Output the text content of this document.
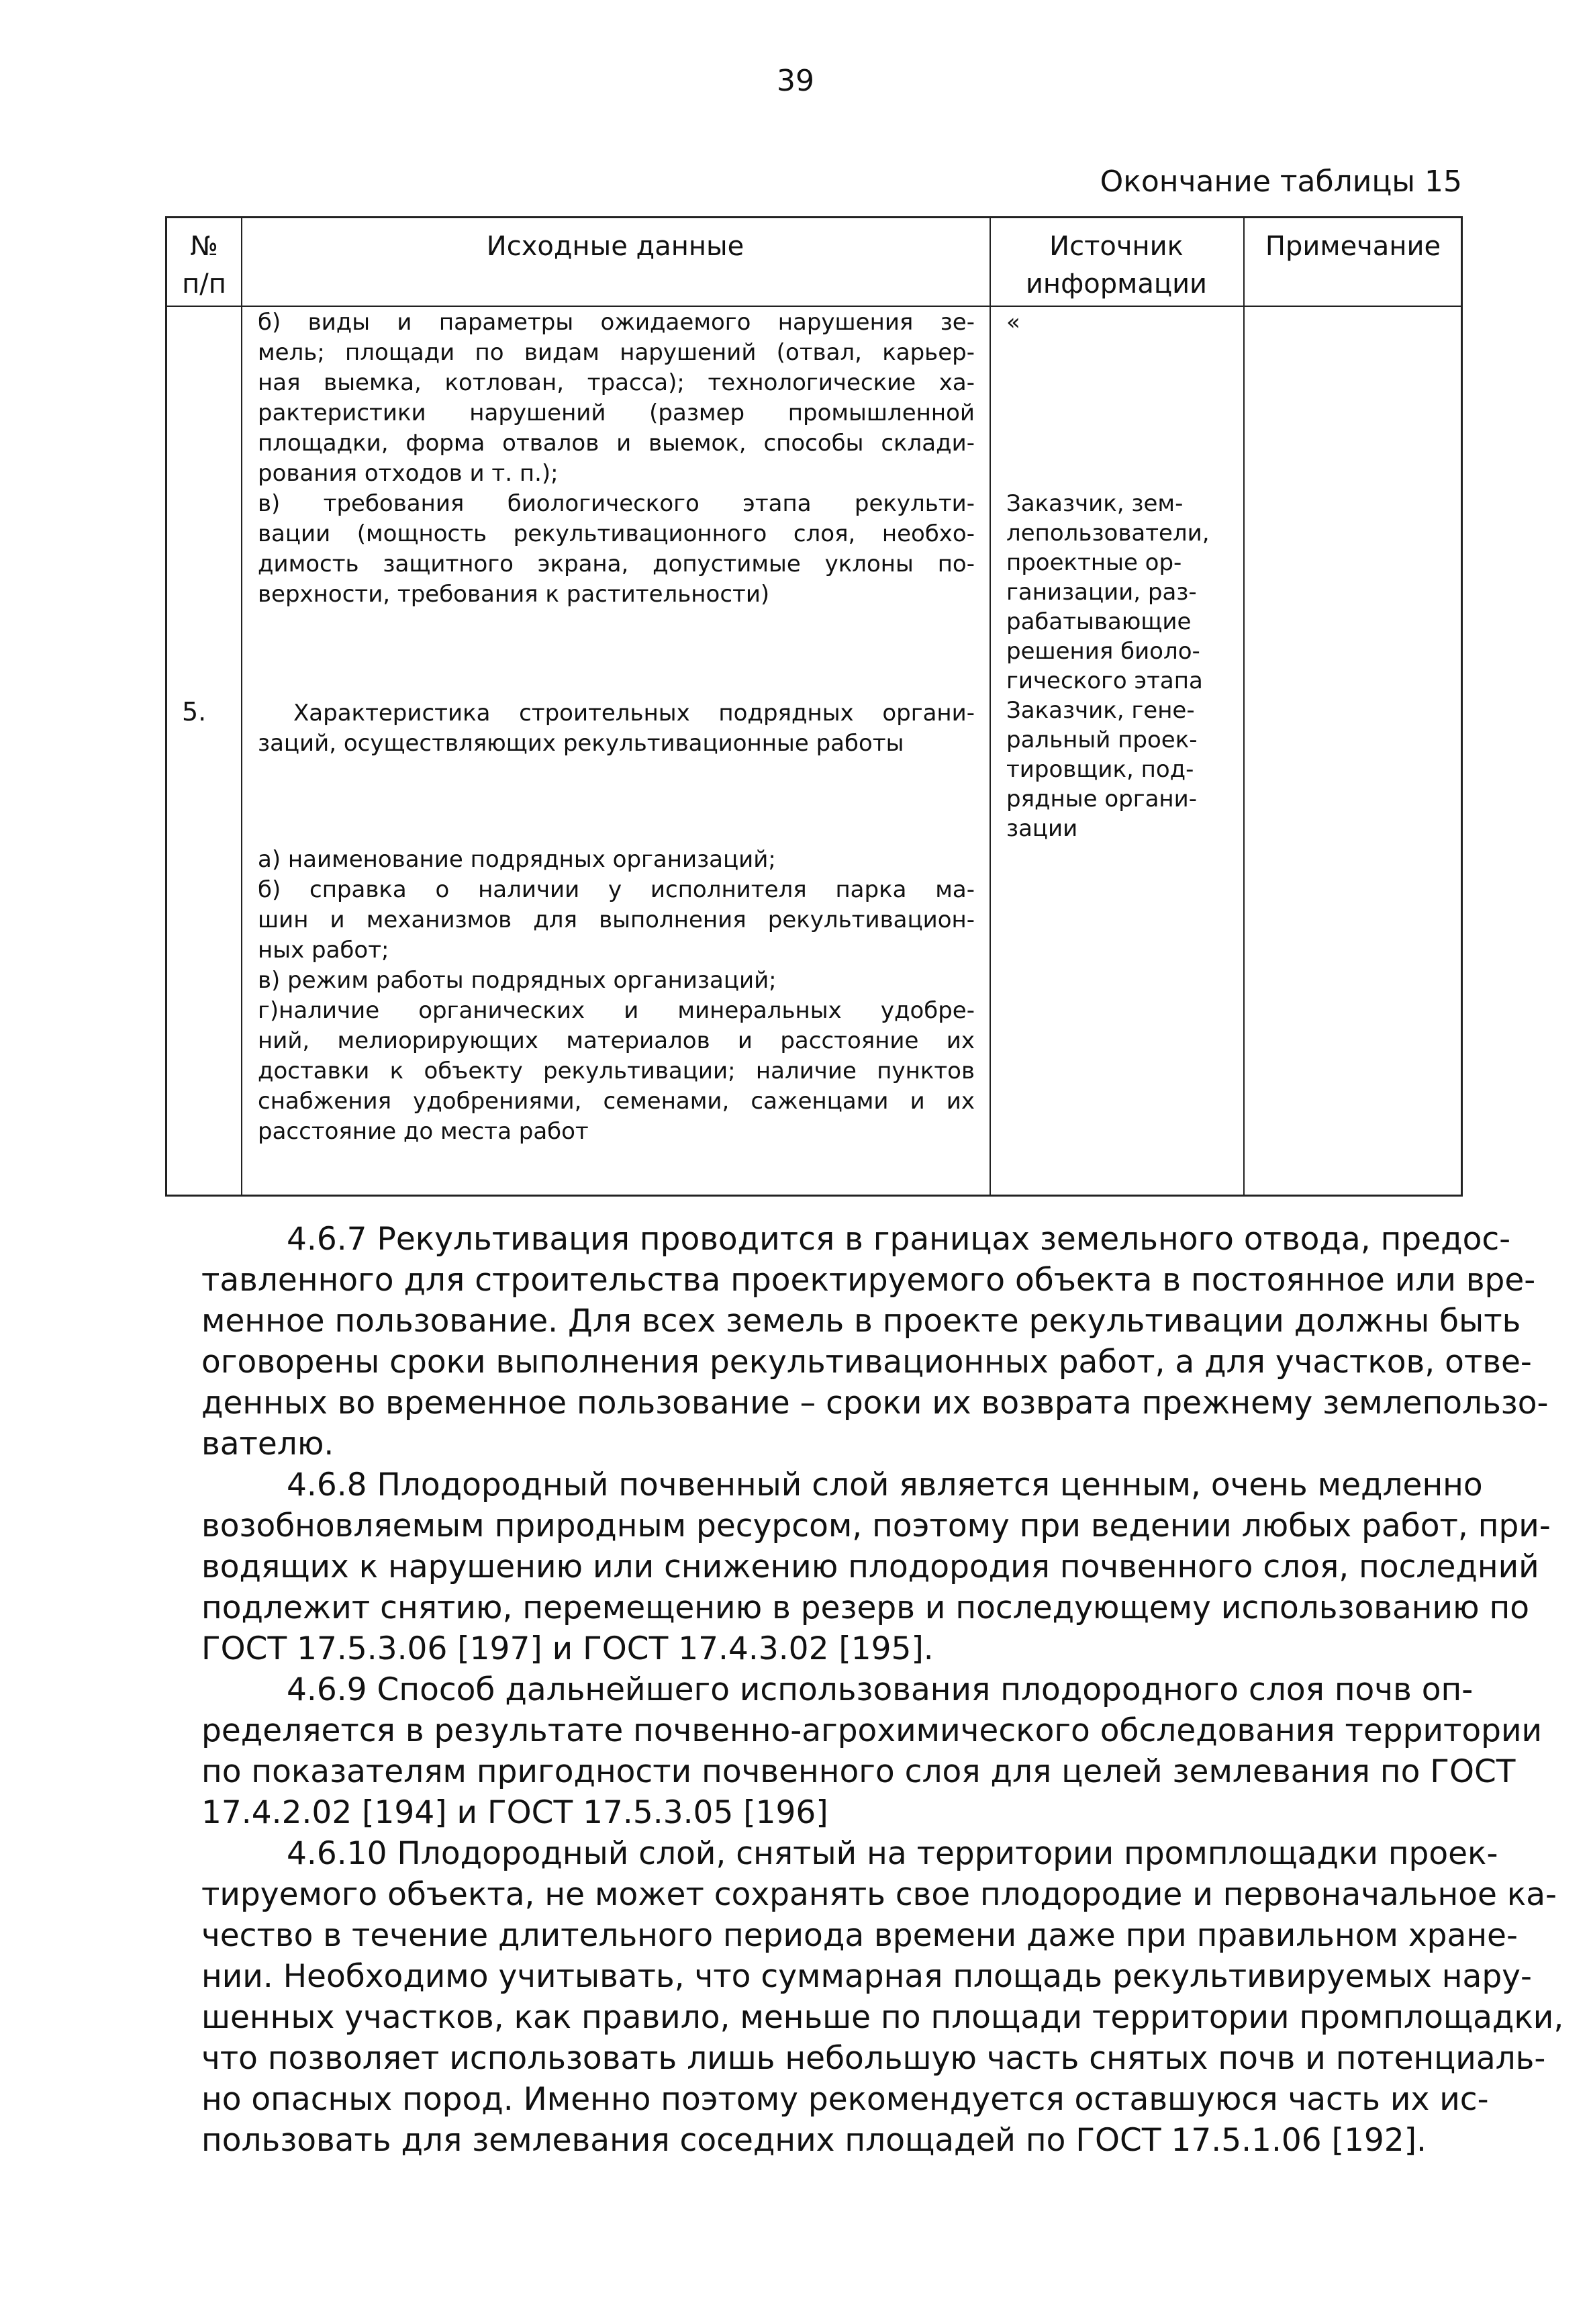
39
Окончание таблицы 15
№
п/п
Исходные данные	Источник
информации
Примечание
5.
б) виды и параметры ожидаемого нарушения зе-
мель; площади по видам нарушений (отвал, карьер-
ная выемка, котлован, трасса); технологические ха-
рактеристики нарушений (размер промышленной
площадки, форма отвалов и выемок, способы склади-
рования отходов и т. п.);
в) требования биологического этапа рекульти-
вации (мощность рекультивационного слоя, необхо-
димость защитного экрана, допустимые уклоны по-
верхности, требования к растительности)
Характеристика строительных подрядных органи-
заций, осуществляющих рекультивационные работы
а) наименование подрядных организаций;
б) справка о наличии у исполнителя парка ма-
шин и механизмов для выполнения рекультивацион-
ных работ;
в) режим работы подрядных организаций;
г)наличие органических и минеральных удобре-
ний, мелиорирующих материалов и расстояние их
доставки к объекту рекультивации; наличие пунктов
снабжения удобрениями, семенами, саженцами и их
расстояние до места работ
«
Заказчик, зем-
лепользователи,
проектные ор-
ганизации, раз-
рабатывающие
решения биоло-
гического этапа
Заказчик, гене-
ральный проек-
тировщик, под-
рядные органи-
зации
4.6.7 Рекультивация проводится в границах земельного отвода, предос-
тавленного для строительства проектируемого объекта в постоянное или вре-
менное пользование. Для всех земель в проекте рекультивации должны быть
оговорены сроки выполнения рекультивационных работ, а для участков, отве-
денных во временное пользование – сроки их возврата прежнему землепользо-
вателю.
4.6.8 Плодородный почвенный слой является ценным, очень медленно
возобновляемым природным ресурсом, поэтому при ведении любых работ, при-
водящих к нарушению или снижению плодородия почвенного слоя, последний
подлежит снятию, перемещению в резерв и последующему использованию по
ГОСТ 17.5.3.06 [197] и ГОСТ 17.4.3.02 [195].
4.6.9 Способ дальнейшего использования плодородного слоя почв оп-
ределяется в результате почвенно-агрохимического обследования территории
по показателям пригодности почвенного слоя для целей землевания по ГОСТ
17.4.2.02 [194] и ГОСТ 17.5.3.05 [196]
4.6.10 Плодородный слой, снятый на территории промплощадки проек-
тируемого объекта, не может сохранять свое плодородие и первоначальное ка-
чество в течение длительного периода времени даже при правильном хране-
нии. Необходимо учитывать, что суммарная площадь рекультивируемых нару-
шенных участков, как правило, меньше по площади территории промплощадки,
что позволяет использовать лишь небольшую часть снятых почв и потенциаль-
но опасных пород. Именно поэтому рекомендуется оставшуюся часть их ис-
пользовать для землевания соседних площадей по ГОСТ 17.5.1.06 [192].
